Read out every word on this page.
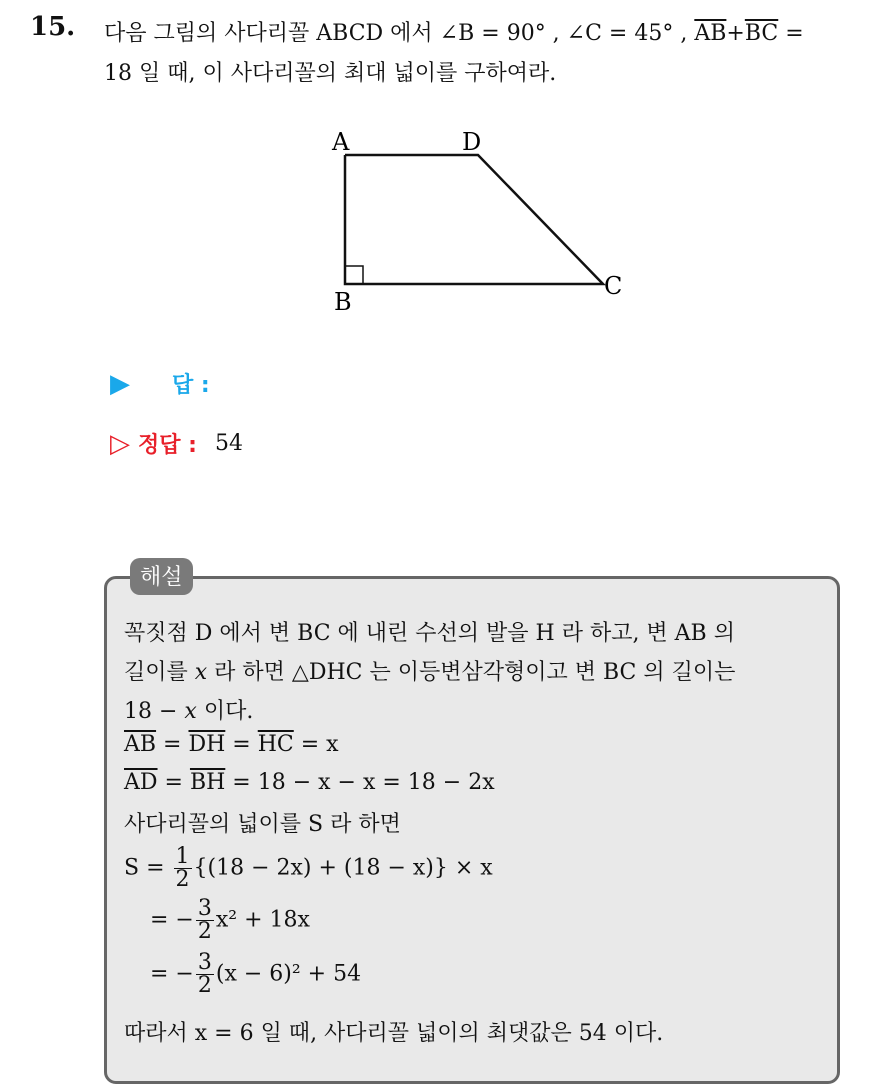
15. 다음 그림의 사다리꼴 ABCD 에서 ∠B = 90° , ∠C = 45° , $\overline{AB}+\overline{BC}$ =
18 일 때, 이 사다리꼴의 최대 넓이를 구하여라.
A
B
C
D
▶	답 :
▷ 정답 : 54
해설
꼭짓점 D 에서 변 BC 에 내린 수선의 발을 H 라 하고, 변 AB 의
길이를 x 라 하면 △DHC 는 이등변삼각형이고 변 BC 의 길이는
18 − x 이다.
$\overline{AB} = \overline{DH} = \overline{HC} = x$
$\overline{AD} = \overline{BH} = 18 - x - x = 18 - 2x$
사다리꼴의 넓이를 S 라 하면
$S = \frac{1}{2} \{(18 - 2x) + (18 - x)\} \times x$
= − $\frac{3}{2} x^2 + 18x$
= − $\frac{3}{2} (x - 6)^2 + 54$
따라서 x = 6 일 때, 사다리꼴 넓이의 최댓값은 54 이다.
